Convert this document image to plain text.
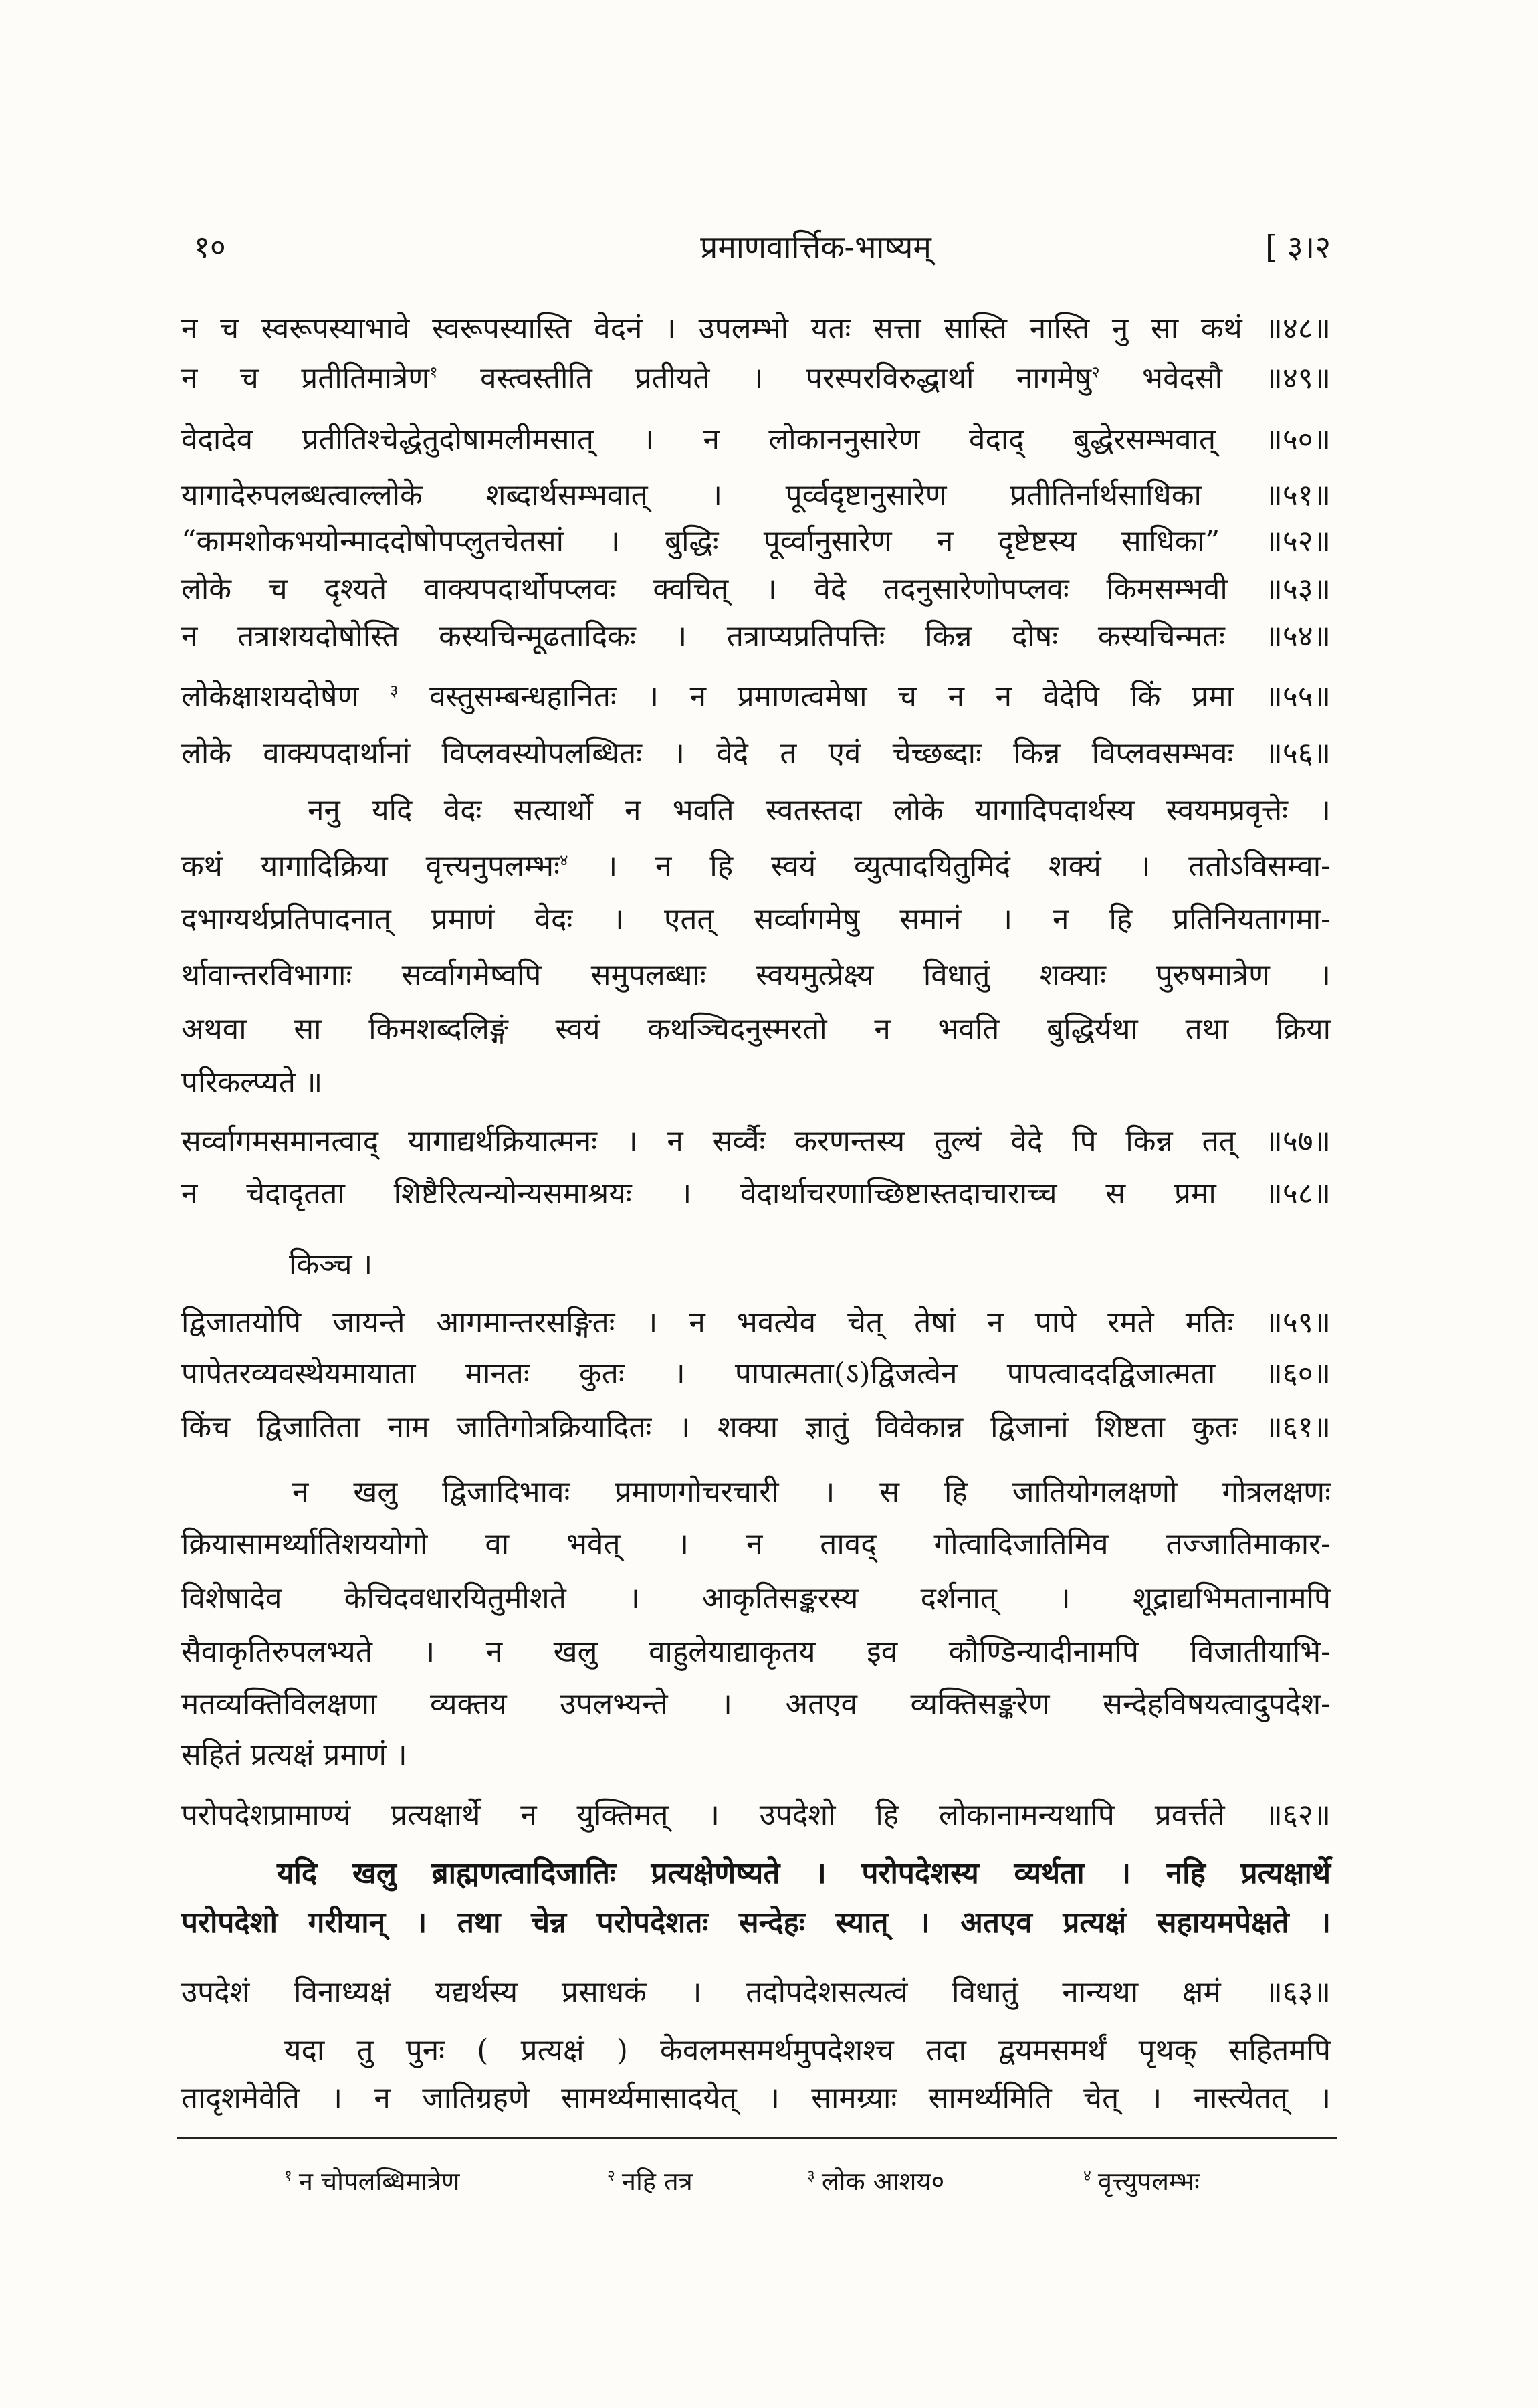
१०	प्रमाणवार्त्तिक-भाष्यम्	[ ३।२
$^१$ न चोपलब्धिमात्रेण	$^२$ नहि तत्र	$^३$ लोक आशय०	$^४$ वृत्त्युपलम्भः
न च स्वरूपस्याभावे स्वरूपस्यास्ति वेदनं । उपलम्भो यतः सत्ता सास्ति नास्ति नु सा कथं ॥४८॥
न च प्रतीतिमात्रेण$^१$ वस्त्वस्तीति प्रतीयते । परस्परविरुद्धार्था नागमेषु$^२$ भवेदसौ ॥४९॥
वेदादेव प्रतीतिश्चेद्धेतुदोषामलीमसात् । न लोकाननुसारेण वेदाद् बुद्धेरसम्भवात् ॥५०॥
यागादेरुपलब्धत्वाल्लोके शब्दार्थसम्भवात् । पूर्व्वदृष्टानुसारेण प्रतीतिर्नार्थसाधिका ॥५१॥
“कामशोकभयोन्माददोषोपप्लुतचेतसां । बुद्धिः पूर्व्वानुसारेण न दृष्टेष्टस्य साधिका” ॥५२॥
लोके च दृश्यते वाक्यपदार्थोपप्लवः क्वचित् । वेदे तदनुसारेणोपप्लवः किमसम्भवी ॥५३॥
न तत्राशयदोषोस्ति कस्यचिन्मूढतादिकः । तत्राप्यप्रतिपत्तिः किन्न दोषः कस्यचिन्मतः ॥५४॥
लोकेक्षाशयदोषेण $^३$ वस्तुसम्बन्धहानितः । न प्रमाणत्वमेषा च न न वेदेपि किं प्रमा ॥५५॥
लोके वाक्यपदार्थानां विप्लवस्योपलब्धितः । वेदे त एवं चेच्छब्दाः किन्न विप्लवसम्भवः ॥५६॥
ननु यदि वेदः सत्यार्थो न भवति स्वतस्तदा लोके यागादिपदार्थस्य स्वयमप्रवृत्तेः ।
कथं यागादिक्रिया वृत्त्यनुपलम्भः$^४$ । न हि स्वयं व्युत्पादयितुमिदं शक्यं । ततोऽविसम्वा-
दभाग्यर्थप्रतिपादनात् प्रमाणं वेदः । एतत् सर्व्वागमेषु समानं । न हि प्रतिनियतागमा-
र्थावान्तरविभागाः सर्व्वागमेष्वपि समुपलब्धाः स्वयमुत्प्रेक्ष्य विधातुं शक्याः पुरुषमात्रेण ।
अथवा सा किमशब्दलिङ्गं स्वयं कथञ्चिदनुस्मरतो न भवति बुद्धिर्यथा तथा क्रिया
परिकल्प्यते ॥
सर्व्वागमसमानत्वाद् यागाद्यर्थक्रियात्मनः । न सर्व्वैः करणन्तस्य तुल्यं वेदे पि किन्न तत् ॥५७॥
न चेदादृतता शिष्टैरित्यन्योन्यसमाश्रयः । वेदार्थाचरणाच्छिष्टास्तदाचाराच्च स प्रमा ॥५८॥
किञ्च ।
द्विजातयोपि जायन्ते आगमान्तरसङ्गितः । न भवत्येव चेत् तेषां न पापे रमते मतिः ॥५९॥
पापेतरव्यवस्थेयमायाता मानतः कुतः । पापात्मता(ऽ)द्विजत्वेन पापत्वाददद्विजात्मता ॥६०॥
किंच द्विजातिता नाम जातिगोत्रक्रियादितः । शक्या ज्ञातुं विवेकान्न द्विजानां शिष्टता कुतः ॥६१॥
न खलु द्विजादिभावः प्रमाणगोचरचारी । स हि जातियोगलक्षणो गोत्रलक्षणः
क्रियासामर्थ्यातिशययोगो वा भवेत् । न तावद् गोत्वादिजातिमिव तज्जातिमाकार-
विशेषादेव केचिदवधारयितुमीशते । आकृतिसङ्करस्य दर्शनात् । शूद्राद्यभिमतानामपि
सैवाकृतिरुपलभ्यते । न खलु वाहुलेयाद्याकृतय इव कौण्डिन्यादीनामपि विजातीयाभि-
मतव्यक्तिविलक्षणा व्यक्तय उपलभ्यन्ते । अतएव व्यक्तिसङ्करेण सन्देहविषयत्वादुपदेश-
सहितं प्रत्यक्षं प्रमाणं ।
परोपदेशप्रामाण्यं प्रत्यक्षार्थे न युक्तिमत् । उपदेशो हि लोकानामन्यथापि प्रवर्त्तते ॥६२॥
यदि खलु ब्राह्मणत्वादिजातिः प्रत्यक्षेणेष्यते । परोपदेशस्य व्यर्थता । नहि प्रत्यक्षार्थे
परोपदेशो गरीयान् । तथा चेन्न परोपदेशतः सन्देहः स्यात् । अतएव प्रत्यक्षं सहायमपेक्षते ।
उपदेशं विनाध्यक्षं यद्यर्थस्य प्रसाधकं । तदोपदेशसत्यत्वं विधातुं नान्यथा क्षमं ॥६३॥
यदा तु पुनः ( प्रत्यक्षं ) केवलमसमर्थमुपदेशश्च तदा द्वयमसमर्थं पृथक् सहितमपि
तादृशमेवेति । न जातिग्रहणे सामर्थ्यमासादयेत् । सामग्र्याः सामर्थ्यमिति चेत् । नास्त्येतत् ।
